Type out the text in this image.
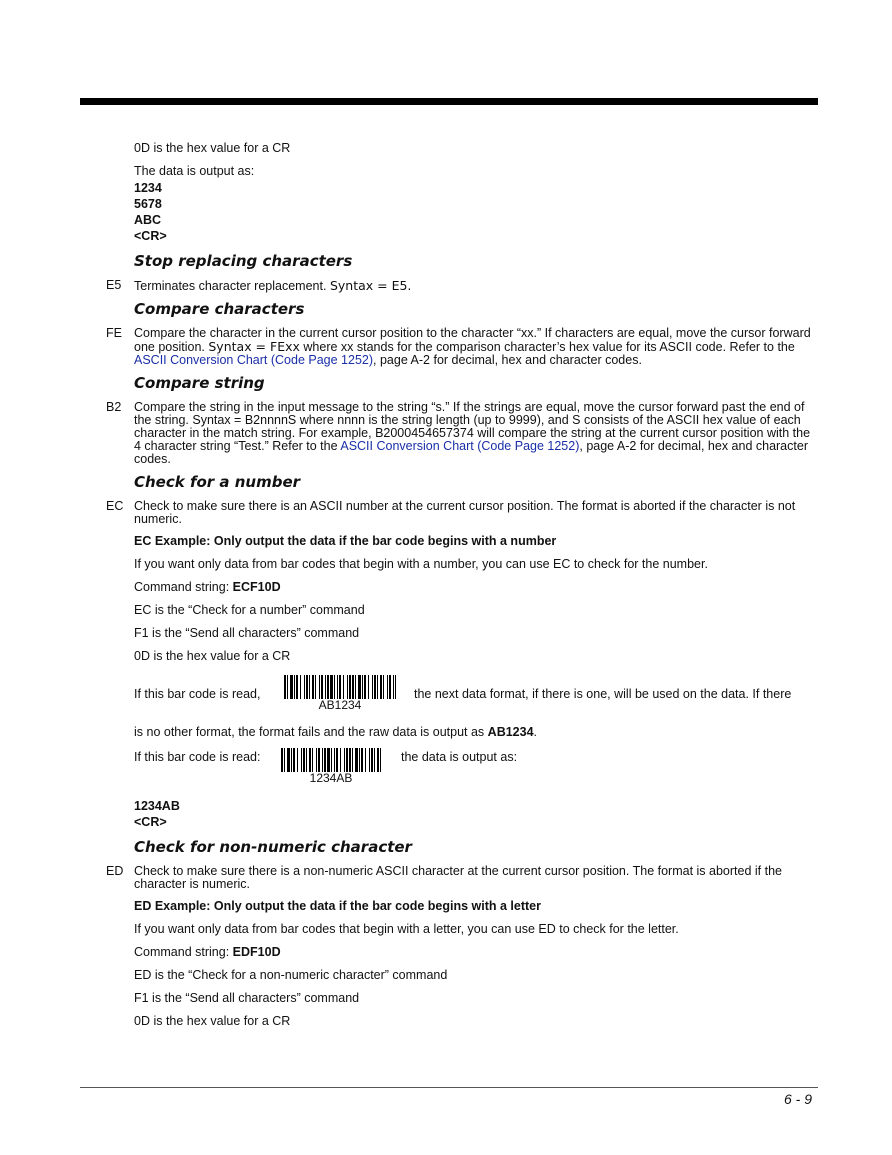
0D is the hex value for a CR

The data is output as:

1234
5678
ABC
<CR>
Stop replacing characters
E5 Terminates character replacement. Syntax = E5.
Compare characters
FE Compare the character in the current cursor position to the character “xx.” If characters are equal, move the cursor forward one position. Syntax = FExx where xx stands for the comparison character’s hex value for its ASCII code. Refer to the ASCII Conversion Chart (Code Page 1252), page A-2 for decimal, hex and character codes.
Compare string
B2 Compare the string in the input message to the string “s.” If the strings are equal, move the cursor forward past the end of the string. Syntax = B2nnnnS where nnnn is the string length (up to 9999), and S consists of the ASCII hex value of each character in the match string. For example, B2000454657374 will compare the string at the current cursor position with the 4 character string “Test.” Refer to the ASCII Conversion Chart (Code Page 1252), page A-2 for decimal, hex and character codes.
Check for a number
EC Check to make sure there is an ASCII number at the current cursor position. The format is aborted if the character is not numeric.

EC Example: Only output the data if the bar code begins with a number

If you want only data from bar codes that begin with a number, you can use EC to check for the number.

Command string: ECF10D

EC is the “Check for a number” command

F1 is the “Send all characters” command

0D is the hex value for a CR

If this bar code is read,
AB1234
the next data format, if there is one, will be used on the data. If there

is no other format, the format fails and the raw data is output as AB1234.

If this bar code is read:
1234AB
the data is output as:
1234AB
<CR>
Check for non-numeric character
ED Check to make sure there is a non-numeric ASCII character at the current cursor position. The format is aborted if the character is numeric.

ED Example: Only output the data if the bar code begins with a letter

If you want only data from bar codes that begin with a letter, you can use ED to check for the letter.

Command string: EDF10D

ED is the “Check for a non-numeric character” command

F1 is the “Send all characters” command

0D is the hex value for a CR

6 - 9
